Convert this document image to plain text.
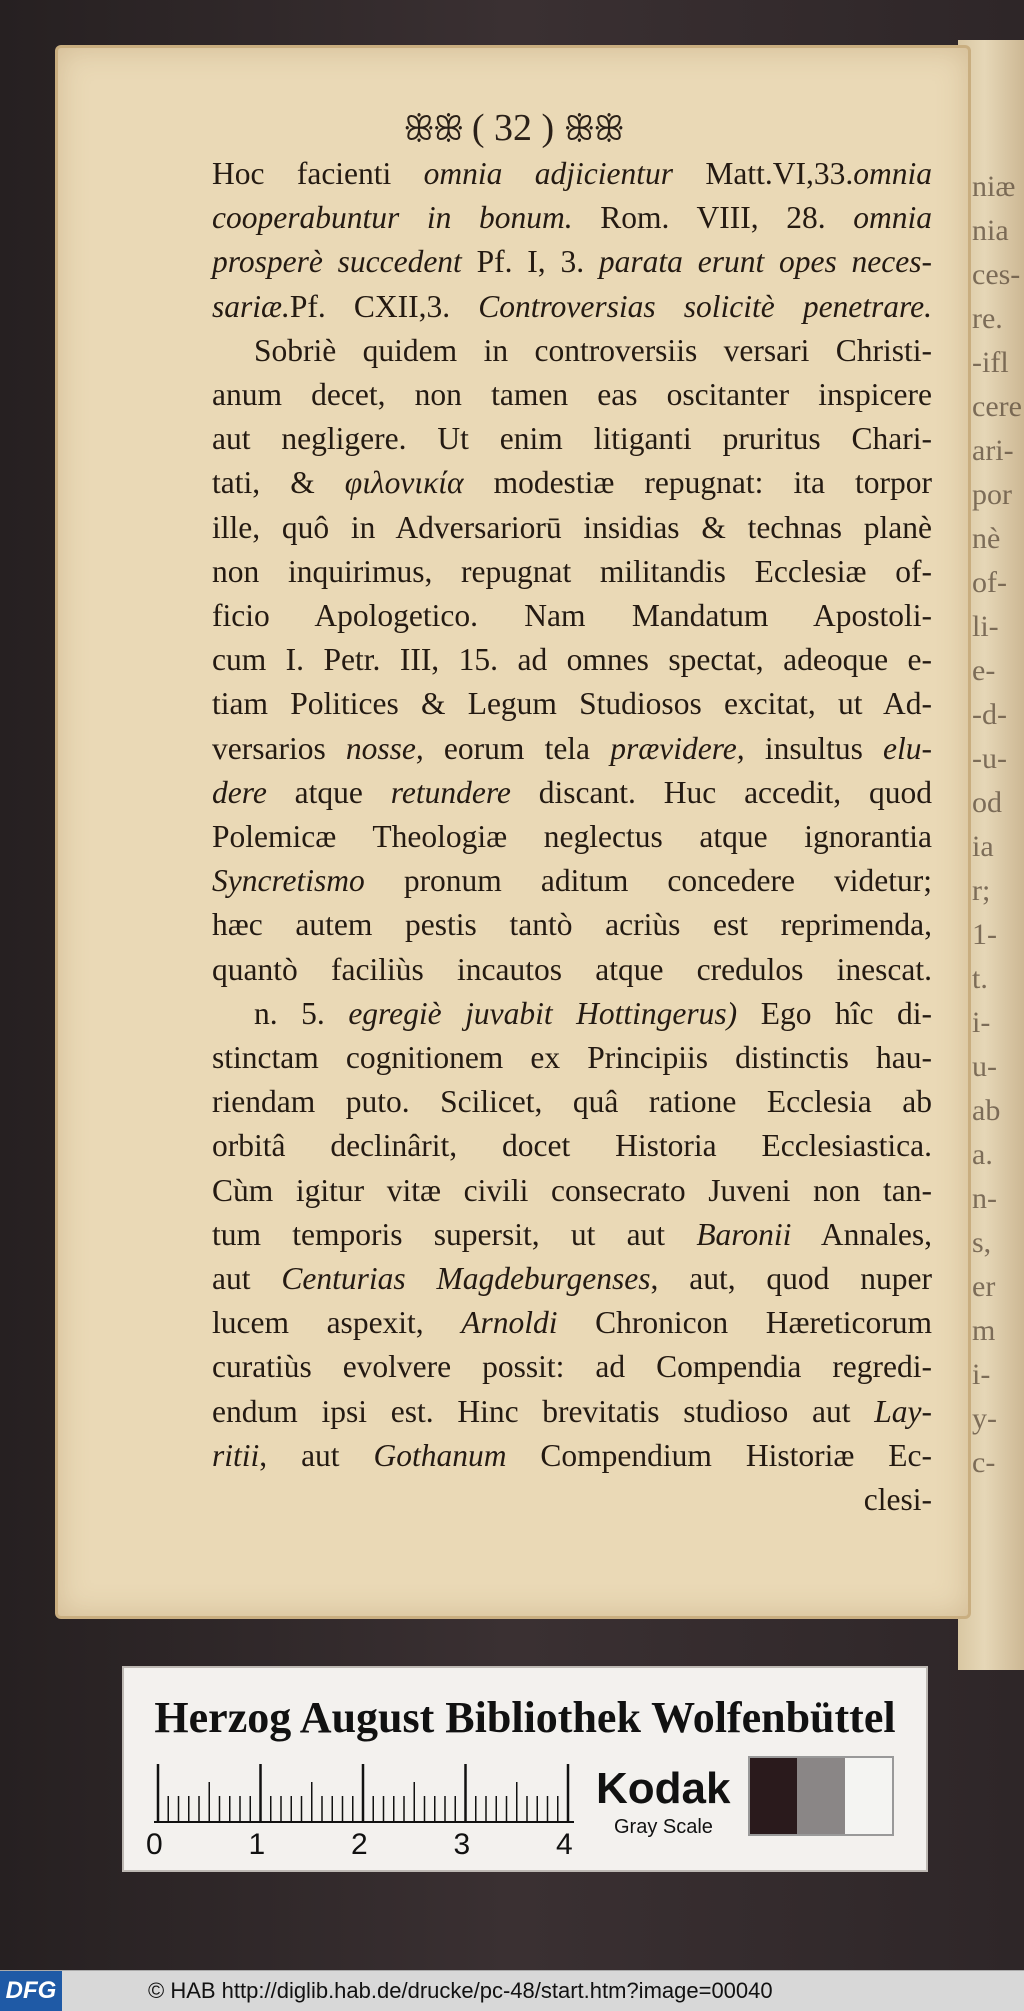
niæ
nia
ces-
re.
-ifl
cere
ari-
por
nè
of-
li-
e-
-d-
-u-
od
ia
r;
1-
t.
i-
u-
ab
a.
n-
s,
er
m
i-
y-
c-
ꕥꕥ ( 32 ) ꕥꕥ
Hoc facienti omnia adjicientur Matt.VI,33.omnia
cooperabuntur in bonum. Rom. VIII, 28. omnia
prosperè succedent Pf. I, 3. parata erunt opes neces-
sariæ.Pf. CXII,3. Controversias solicitè penetrare.
Sobriè quidem in controversiis versari Christi-
anum decet, non tamen eas oscitanter inspicere
aut negligere. Ut enim litiganti pruritus Chari-
tati, & φιλονικία modestiæ repugnat: ita torpor
ille, quô in Adversariorū insidias & technas planè
non inquirimus, repugnat militandis Ecclesiæ of-
ficio Apologetico. Nam Mandatum Apostoli-
cum I. Petr. III, 15. ad omnes spectat, adeoque e-
tiam Politices & Legum Studiosos excitat, ut Ad-
versarios nosse, eorum tela prævidere, insultus elu-
dere atque retundere discant. Huc accedit, quod
Polemicæ Theologiæ neglectus atque ignorantia
Syncretismo pronum aditum concedere videtur;
hæc autem pestis tantò acriùs est reprimenda,
quantò faciliùs incautos atque credulos inescat.
n. 5. egregiè juvabit Hottingerus) Ego hîc di-
stinctam cognitionem ex Principiis distinctis hau-
riendam puto. Scilicet, quâ ratione Ecclesia ab
orbitâ declinârit, docet Historia Ecclesiastica.
Cùm igitur vitæ civili consecrato Juveni non tan-
tum temporis supersit, ut aut Baronii Annales,
aut Centurias Magdeburgenses, aut, quod nuper
lucem aspexit, Arnoldi Chronicon Hæreticorum
curatiùs evolvere possit: ad Compendia regredi-
endum ipsi est. Hinc brevitatis studioso aut Lay-
ritii, aut Gothanum Compendium Historiæ Ec-
clesi-
Herzog August Bibliothek Wolfenbüttel
0	1	2	3	4
Kodak
Gray Scale
DFG	© HAB http://diglib.hab.de/drucke/pc-48/start.htm?image=00040
